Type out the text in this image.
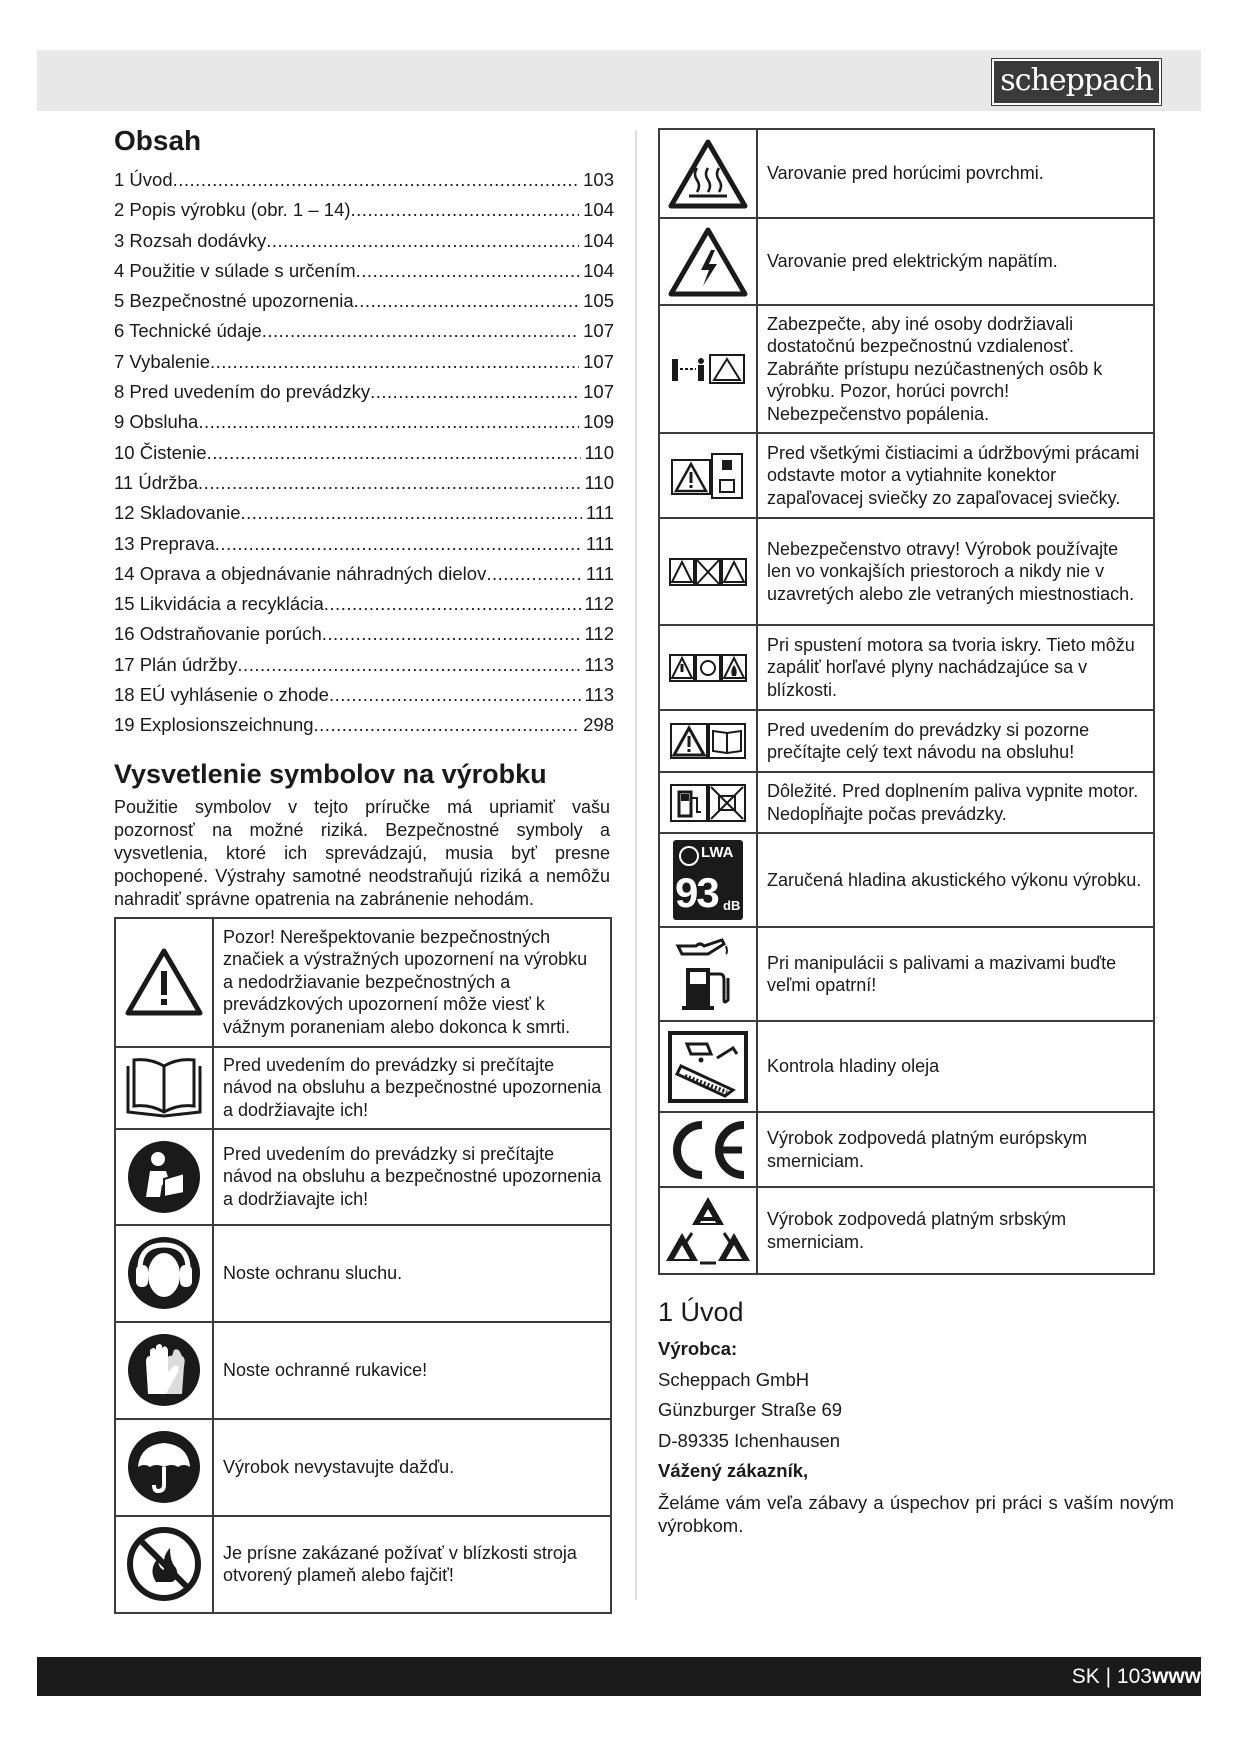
scheppach
Obsah
1 Úvod .....	103
2 Popis výrobku (obr. 1 – 14) .....	104
3 Rozsah dodávky .....	104
4 Použitie v súlade s určením .....	104
5 Bezpečnostné upozornenia .....	105
6 Technické údaje .....	107
7 Vybalenie .....	107
8 Pred uvedením do prevádzky .....	107
9 Obsluha .....	109
10 Čistenie .....	110
11 Údržba .....	110
12 Skladovanie .....	111
13 Preprava .....	111
14 Oprava a objednávanie náhradných dielov .....	111
15 Likvidácia a recyklácia .....	112
16 Odstraňovanie porúch .....	112
17 Plán údržby .....	113
18 EÚ vyhlásenie o zhode .....	113
19 Explosionszeichnung .....	298
Vysvetlenie symbolov na výrobku

Použitie symbolov v tejto príručke má upriamiť vašu pozornosť na možné riziká. Bezpečnostné symboly a vysvetlenia, ktoré ich sprevádzajú, musia byť presne pochopené. Výstrahy samotné neodstraňujú riziká a nemôžu nahradiť správne opatrenia na zabránenie nehodám.

	Pozor! Nerešpektovanie bezpečnostných značiek a výstražných upozornení na výrobku a nedodržiavanie bezpečnostných a prevádzkových upozornení môže viesť k vážnym poraneniam alebo dokonca k smrti.

	Pred uvedením do prevádzky si prečítajte návod na obsluhu a bezpečnostné upozornenia a dodržiavajte ich!

	Pred uvedením do prevádzky si prečítajte návod na obsluhu a bezpečnostné upozornenia a dodržiavajte ich!

	Noste ochranu sluchu.

	Noste ochranné rukavice!

	Výrobok nevystavujte dažďu.

	Je prísne zakázané požívať v blízkosti stroja otvorený plameň alebo fajčiť!
	Varovanie pred horúcimi povrchmi.

	Varovanie pred elektrickým napätím.

	Zabezpečte, aby iné osoby dodržiavali dostatočnú bezpečnostnú vzdialenosť. Zabráňte prístupu nezúčastnených osôb k výrobku. Pozor, horúci povrch! Nebezpečenstvo popálenia.

	Pred všetkými čistiacimi a údržbovými prácami odstavte motor a vytiahnite konektor zapaľovacej sviečky zo zapaľovacej sviečky.

	Nebezpečenstvo otravy! Výrobok používajte len vo vonkajších priestoroch a nikdy nie v uzavretých alebo zle vetraných miestnostiach.

	Pri spustení motora sa tvoria iskry. Tieto môžu zapáliť horľavé plyny nachádzajúce sa v blízkosti.

	Pred uvedením do prevádzky si pozorne prečítajte celý text návodu na obsluhu!

	Dôležité. Pred doplnením paliva vypnite motor. Nedopĺňajte počas prevádzky.

LWA
93 dB	Zaručená hladina akustického výkonu výrobku.

	Pri manipulácii s palivami a mazivami buďte veľmi opatrní!

	Kontrola hladiny oleja

	Výrobok zodpovedá platným európskym smerniciam.

	Výrobok zodpovedá platným srbským smerniciam.
1 Úvod
Výrobca:
Scheppach GmbH
Günzburger Straße 69
D-89335 Ichenhausen
Vážený zákazník,
Želáme vám veľa zábavy a úspechov pri práci s vaším novým výrobkom.
SK | 103www
